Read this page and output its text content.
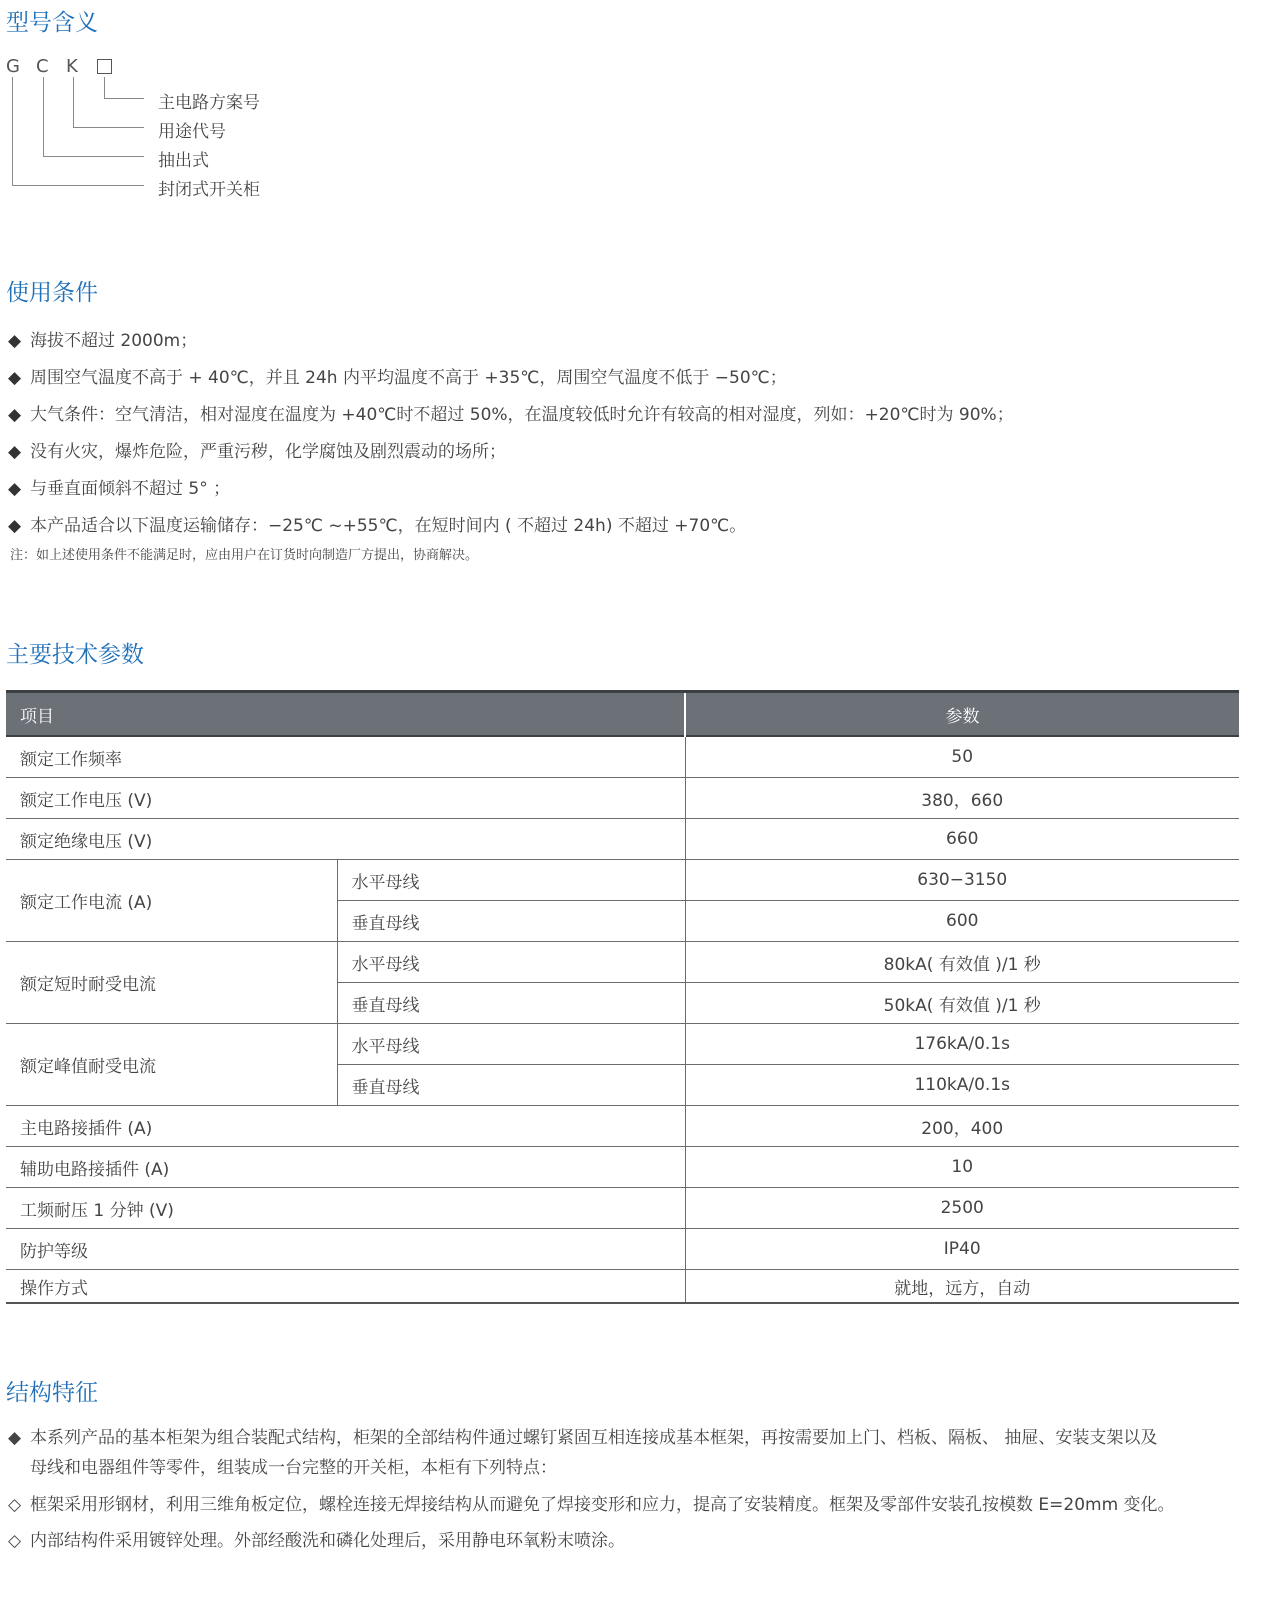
型号含义
G C K
主电路方案号
用途代号
抽出式
封闭式开关柜
使用条件
◆ 海拔不超过 2000m；
◆ 周围空气温度不高于 + 40℃，并且 24h 内平均温度不高于 +35℃，周围空气温度不低于 −50℃；
◆ 大气条件：空气清洁，相对湿度在温度为 +40℃时不超过 50%，在温度较低时允许有较高的相对湿度，列如：+20℃时为 90%；
◆ 没有火灾，爆炸危险，严重污秽，化学腐蚀及剧烈震动的场所；
◆ 与垂直面倾斜不超过 5° ；
◆ 本产品适合以下温度运输储存：−25℃ ~+55℃，在短时间内 ( 不超过 24h) 不超过 +70℃。
注：如上述使用条件不能满足时，应由用户在订货时向制造厂方提出，协商解决。
主要技术参数
项目		参数
额定工作频率		50
额定工作电压 (V)		380，660
额定绝缘电压 (V)		660
额定工作电流 (A)	水平母线	630−3150
	垂直母线	600
额定短时耐受电流	水平母线	80kA( 有效值 )/1 秒
	垂直母线	50kA( 有效值 )/1 秒
额定峰值耐受电流	水平母线	176kA/0.1s
	垂直母线	110kA/0.1s
主电路接插件 (A)		200，400
辅助电路接插件 (A)		10
工频耐压 1 分钟 (V)		2500
防护等级		IP40
操作方式		就地，远方，自动
结构特征
◆ 本系列产品的基本柜架为组合装配式结构，柜架的全部结构件通过螺钉紧固互相连接成基本框架，再按需要加上门、档板、隔板、 抽屉、安装支架以及
母线和电器组件等零件，组装成一台完整的开关柜，本柜有下列特点：
◇ 框架采用形钢材，利用三维角板定位，螺栓连接无焊接结构从而避免了焊接变形和应力，提高了安装精度。框架及零部件安装孔按模数 E=20mm 变化。
◇ 内部结构件采用镀锌处理。外部经酸洗和磷化处理后，采用静电环氧粉末喷涂。
